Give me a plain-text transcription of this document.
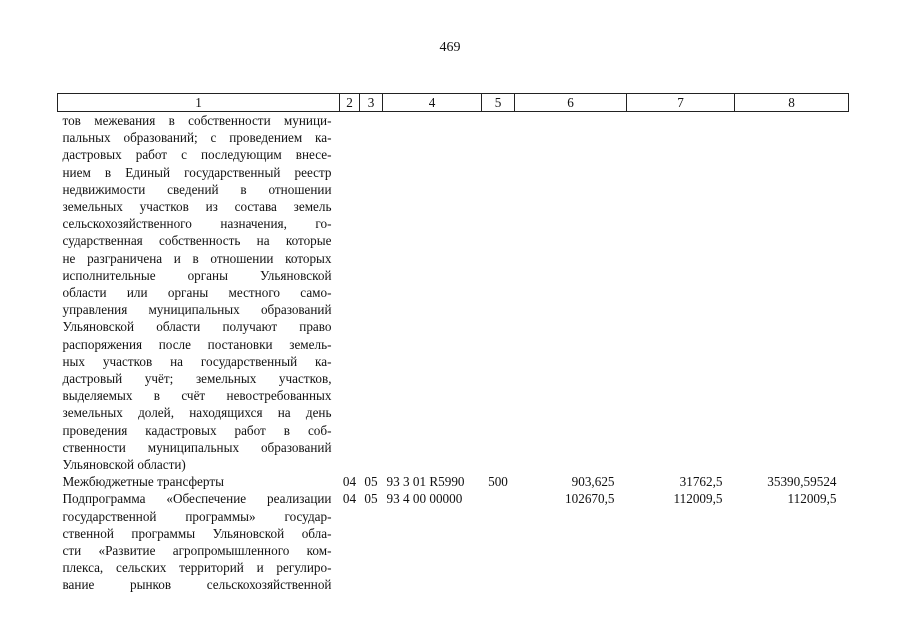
469
1	2	3	4	5	6	7	8
тов межевания в собственности муници-							
пальных образований; с проведением ка-							
дастровых работ с последующим внесе-							
нием в Единый государственный реестр							
недвижимости сведений в отношении							
земельных участков из состава земель							
сельскохозяйственного назначения, го-							
сударственная собственность на которые							
не разграничена и в отношении которых							
исполнительные органы Ульяновской							
области или органы местного само-							
управления муниципальных образований							
Ульяновской области получают право							
распоряжения после постановки земель-							
ных участков на государственный ка-							
дастровый учёт; земельных участков,							
выделяемых в счёт невостребованных							
земельных долей, находящихся на день							
проведения кадастровых работ в соб-							
ственности муниципальных образований							
Ульяновской области)							
Межбюджетные трансферты	04	05	93 3 01 R5990	500	903,625	31762,5	35390,59524
Подпрограмма «Обеспечение реализации	04	05	93 4 00 00000		102670,5	112009,5	112009,5
государственной программы» государ-							
ственной программы Ульяновской обла-							
сти «Развитие агропромышленного ком-							
плекса, сельских территорий и регулиро-							
вание рынков сельскохозяйственной							
